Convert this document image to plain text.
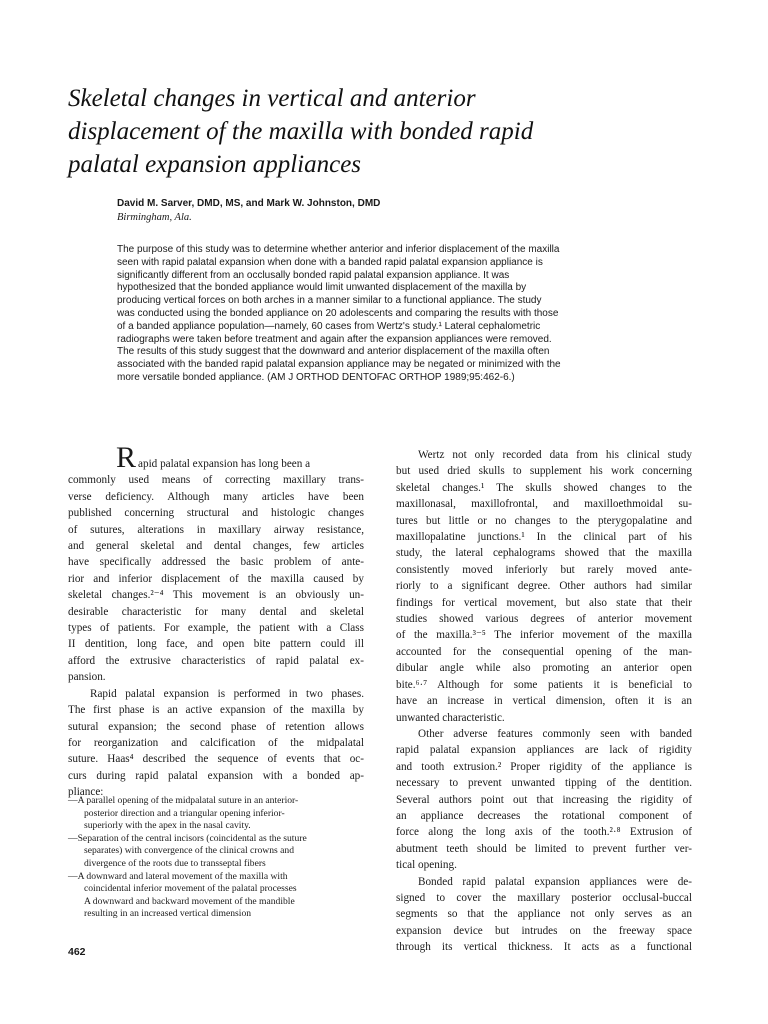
Skeletal changes in vertical and anterior
displacement of the maxilla with bonded rapid
palatal expansion appliances
David M. Sarver, DMD, MS, and Mark W. Johnston, DMD
Birmingham, Ala.
The purpose of this study was to determine whether anterior and inferior displacement of the maxilla
seen with rapid palatal expansion when done with a banded rapid palatal expansion appliance is
significantly different from an occlusally bonded rapid palatal expansion appliance. It was
hypothesized that the bonded appliance would limit unwanted displacement of the maxilla by
producing vertical forces on both arches in a manner similar to a functional appliance. The study
was conducted using the bonded appliance on 20 adolescents and comparing the results with those
of a banded appliance population—namely, 60 cases from Wertz's study.¹ Lateral cephalometric
radiographs were taken before treatment and again after the expansion appliances were removed.
The results of this study suggest that the downward and anterior displacement of the maxilla often
associated with the banded rapid palatal expansion appliance may be negated or minimized with the
more versatile bonded appliance. (AM J ORTHOD DENTOFAC ORTHOP 1989;95:462-6.)
Rapid palatal expansion has long been a
commonly used means of correcting maxillary trans-
verse deficiency. Although many articles have been
published concerning structural and histologic changes
of sutures, alterations in maxillary airway resistance,
and general skeletal and dental changes, few articles
have specifically addressed the basic problem of ante-
rior and inferior displacement of the maxilla caused by
skeletal changes.²⁻⁴ This movement is an obviously un-
desirable characteristic for many dental and skeletal
types of patients. For example, the patient with a Class
II dentition, long face, and open bite pattern could ill
afford the extrusive characteristics of rapid palatal ex-
pansion.
Rapid palatal expansion is performed in two phases.
The first phase is an active expansion of the maxilla by
sutural expansion; the second phase of retention allows
for reorganization and calcification of the midpalatal
suture. Haas⁴ described the sequence of events that oc-
curs during rapid palatal expansion with a bonded ap-
pliance:
—A parallel opening of the midpalatal suture in an anterior-
posterior direction and a triangular opening inferior-
superiorly with the apex in the nasal cavity.
—Separation of the central incisors (coincidental as the suture
separates) with convergence of the clinical crowns and
divergence of the roots due to transseptal fibers
—A downward and lateral movement of the maxilla with
coincidental inferior movement of the palatal processes
A downward and backward movement of the mandible
resulting in an increased vertical dimension
Wertz not only recorded data from his clinical study
but used dried skulls to supplement his work concerning
skeletal changes.¹ The skulls showed changes to the
maxillonasal, maxillofrontal, and maxilloethmoidal su-
tures but little or no changes to the pterygopalatine and
maxillopalatine junctions.¹ In the clinical part of his
study, the lateral cephalograms showed that the maxilla
consistently moved inferiorly but rarely moved ante-
riorly to a significant degree. Other authors had similar
findings for vertical movement, but also state that their
studies showed various degrees of anterior movement
of the maxilla.³⁻⁵ The inferior movement of the maxilla
accounted for the consequential opening of the man-
dibular angle while also promoting an anterior open
bite.⁶·⁷ Although for some patients it is beneficial to
have an increase in vertical dimension, often it is an
unwanted characteristic.
Other adverse features commonly seen with banded
rapid palatal expansion appliances are lack of rigidity
and tooth extrusion.² Proper rigidity of the appliance is
necessary to prevent unwanted tipping of the dentition.
Several authors point out that increasing the rigidity of
an appliance decreases the rotational component of
force along the long axis of the tooth.²·⁸ Extrusion of
abutment teeth should be limited to prevent further ver-
tical opening.
Bonded rapid palatal expansion appliances were de-
signed to cover the maxillary posterior occlusal-buccal
segments so that the appliance not only serves as an
expansion device but intrudes on the freeway space
through its vertical thickness. It acts as a functional
462
